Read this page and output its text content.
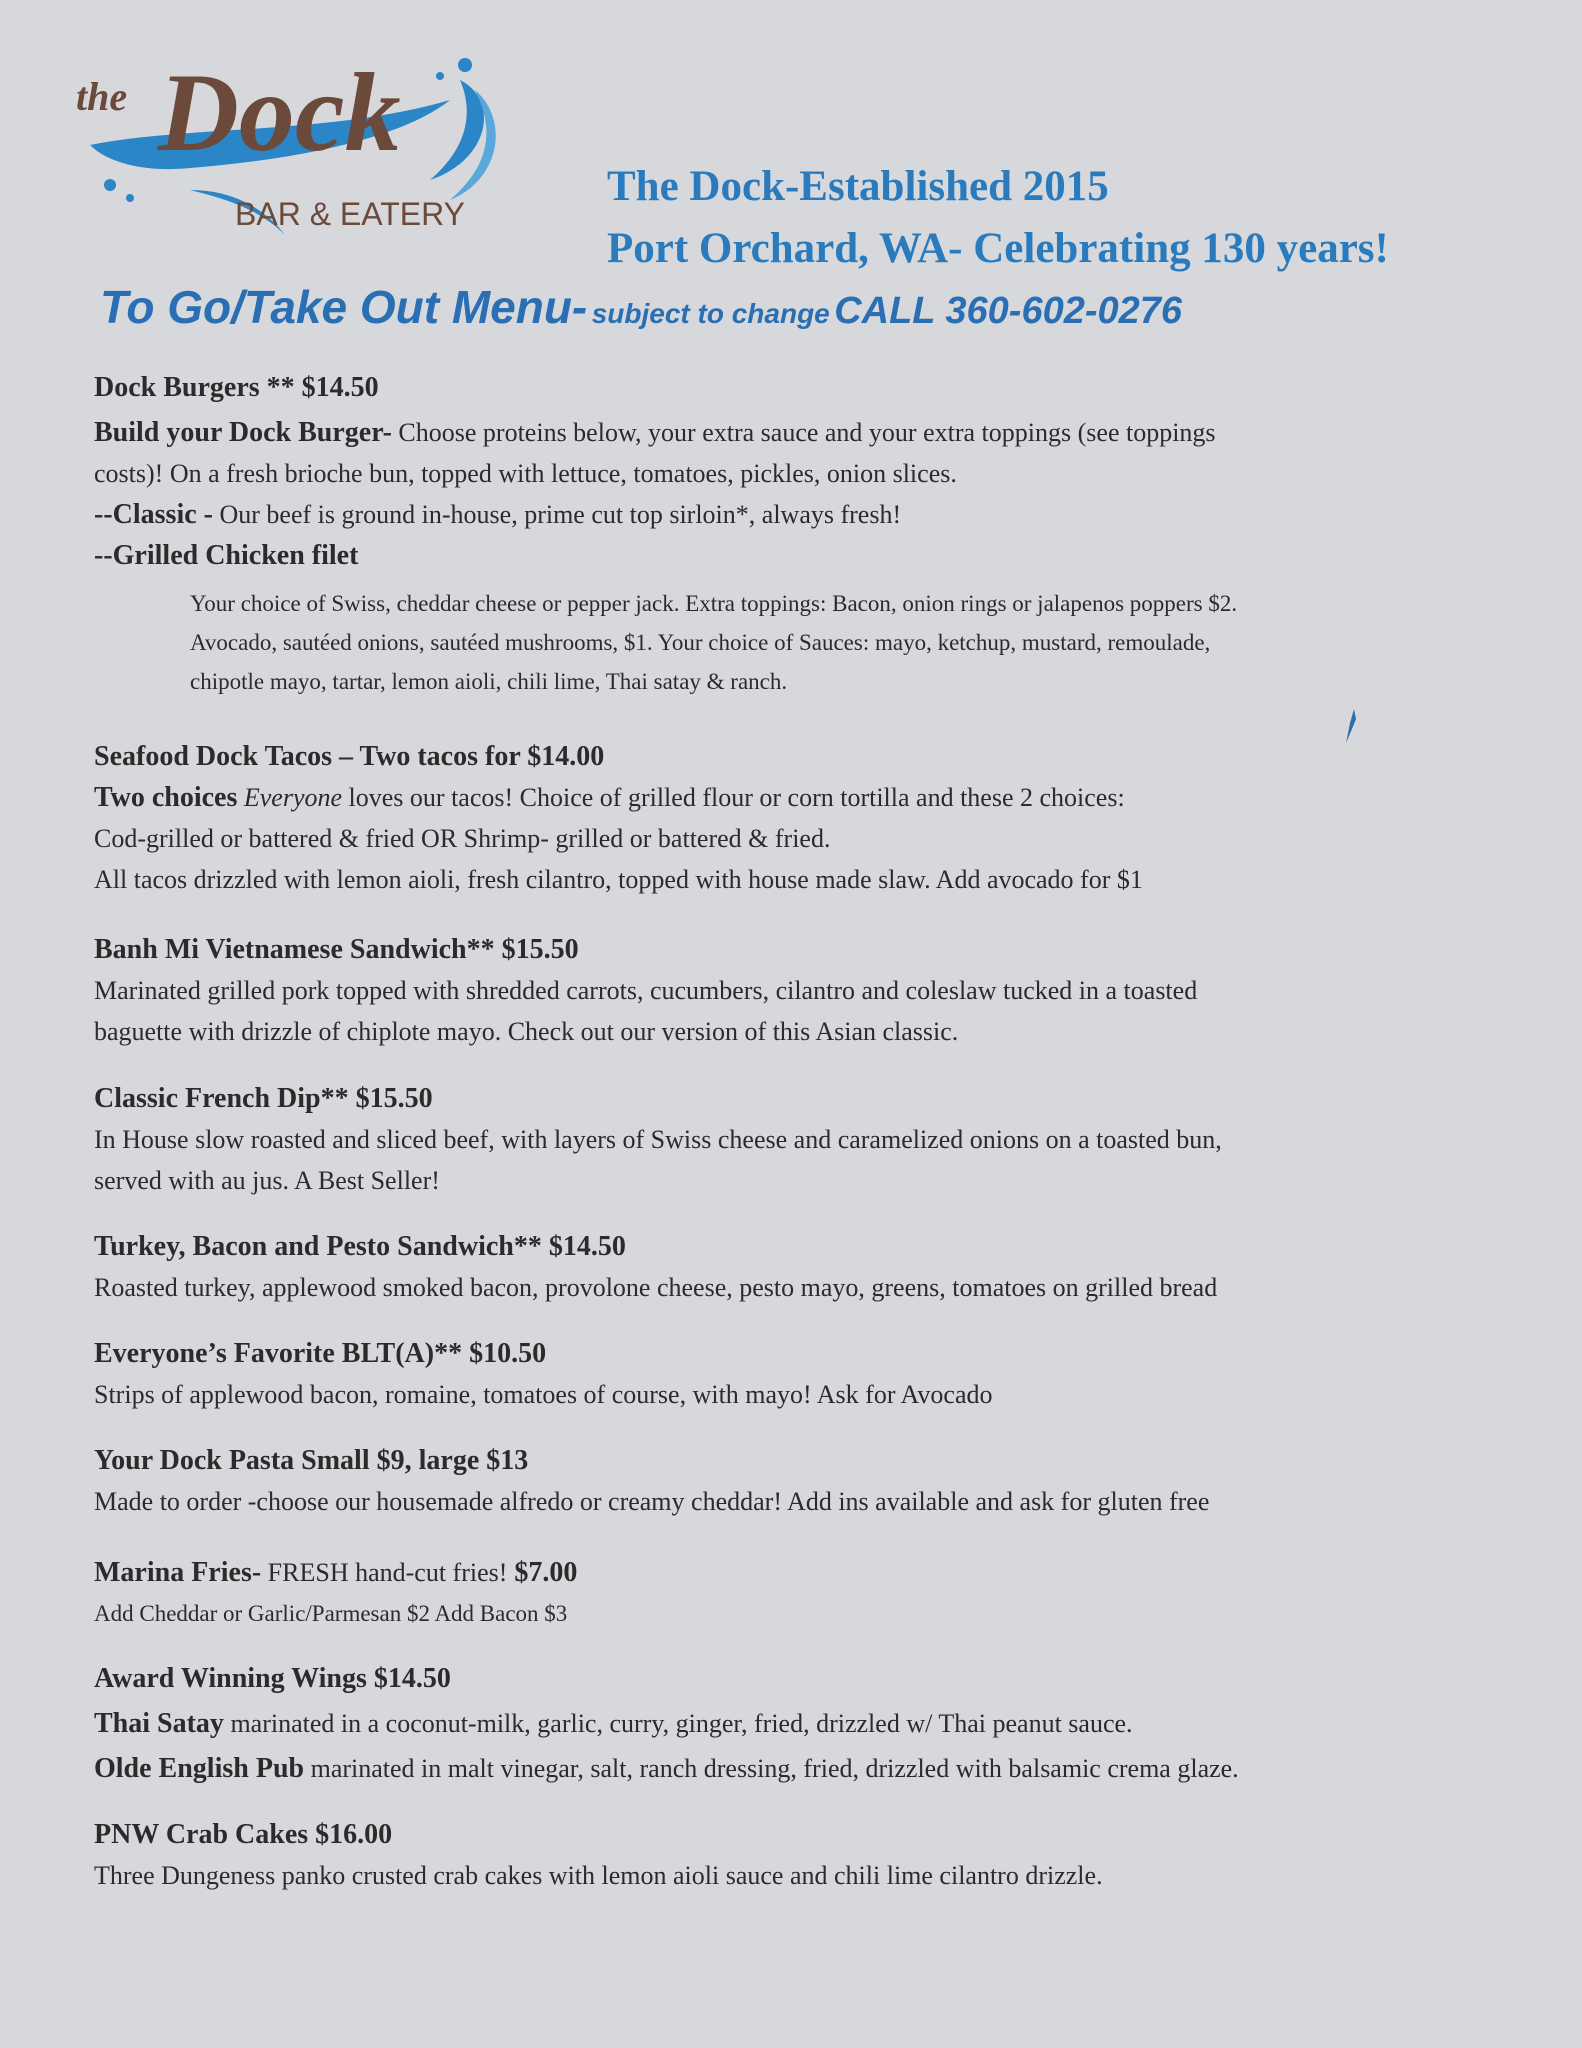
the Dock
BAR & EATERY
The Dock-Established 2015
Port Orchard, WA- Celebrating 130 years!
To Go/Take Out Menu- subject to change CALL 360-602-0276
Dock Burgers ** $14.50
Build your Dock Burger- Choose proteins below, your extra sauce and your extra toppings (see toppings
costs)! On a fresh brioche bun, topped with lettuce, tomatoes, pickles, onion slices.
--Classic - Our beef is ground in-house, prime cut top sirloin*, always fresh!
--Grilled Chicken filet
Your choice of Swiss, cheddar cheese or pepper jack. Extra toppings: Bacon, onion rings or jalapenos poppers $2.
Avocado, sautéed onions, sautéed mushrooms, $1. Your choice of Sauces: mayo, ketchup, mustard, remoulade,
chipotle mayo, tartar, lemon aioli, chili lime, Thai satay & ranch.
Seafood Dock Tacos – Two tacos for $14.00
Two choices Everyone loves our tacos! Choice of grilled flour or corn tortilla and these 2 choices:
Cod-grilled or battered & fried OR Shrimp- grilled or battered & fried.
All tacos drizzled with lemon aioli, fresh cilantro, topped with house made slaw. Add avocado for $1
Banh Mi Vietnamese Sandwich** $15.50
Marinated grilled pork topped with shredded carrots, cucumbers, cilantro and coleslaw tucked in a toasted
baguette with drizzle of chiplote mayo. Check out our version of this Asian classic.
Classic French Dip** $15.50
In House slow roasted and sliced beef, with layers of Swiss cheese and caramelized onions on a toasted bun,
served with au jus. A Best Seller!
Turkey, Bacon and Pesto Sandwich** $14.50
Roasted turkey, applewood smoked bacon, provolone cheese, pesto mayo, greens, tomatoes on grilled bread
Everyone’s Favorite BLT(A)** $10.50
Strips of applewood bacon, romaine, tomatoes of course, with mayo! Ask for Avocado
Your Dock Pasta Small $9, large $13
Made to order -choose our housemade alfredo or creamy cheddar! Add ins available and ask for gluten free
Marina Fries- FRESH hand-cut fries! $7.00
Add Cheddar or Garlic/Parmesan $2 Add Bacon $3
Award Winning Wings $14.50
Thai Satay marinated in a coconut-milk, garlic, curry, ginger, fried, drizzled w/ Thai peanut sauce.
Olde English Pub marinated in malt vinegar, salt, ranch dressing, fried, drizzled with balsamic crema glaze.
PNW Crab Cakes $16.00
Three Dungeness panko crusted crab cakes with lemon aioli sauce and chili lime cilantro drizzle.
